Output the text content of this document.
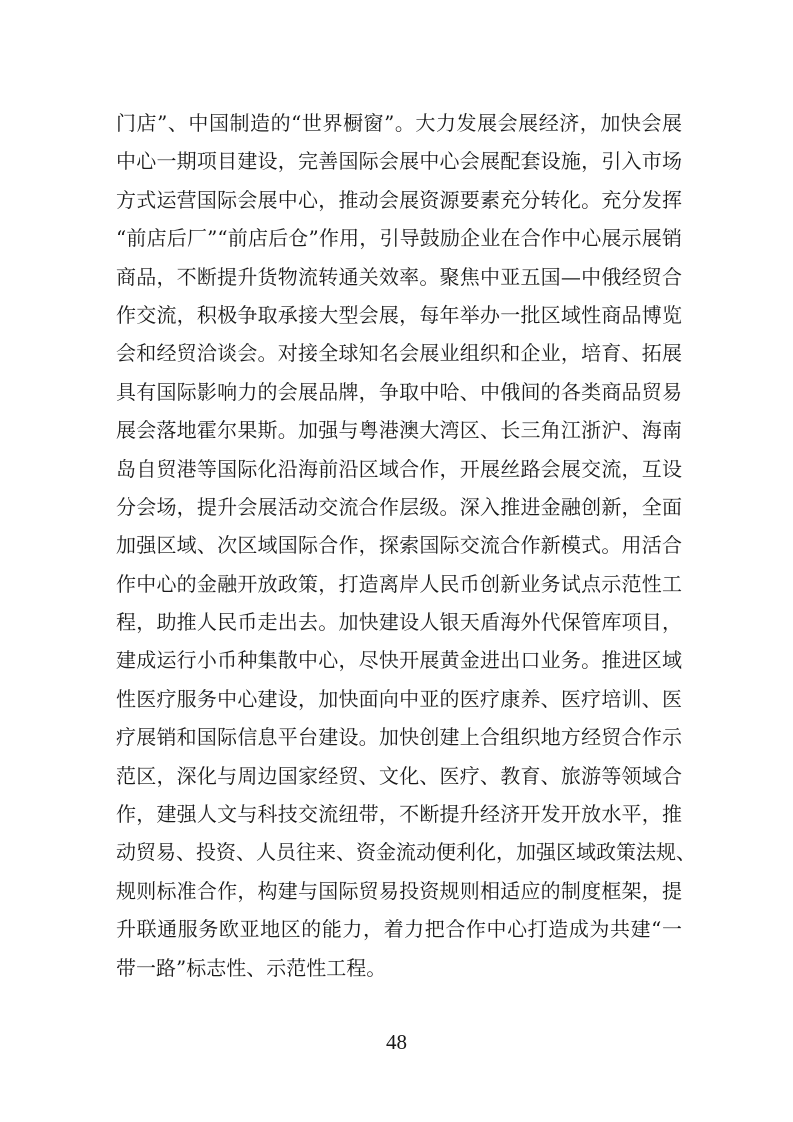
门店”、中国制造的“世界橱窗”。大力发展会展经济，加快会展
中心一期项目建设，完善国际会展中心会展配套设施，引入市场
方式运营国际会展中心，推动会展资源要素充分转化。充分发挥
“前店后厂”“前店后仓”作用，引导鼓励企业在合作中心展示展销
商品，不断提升货物流转通关效率。聚焦中亚五国—中俄经贸合
作交流，积极争取承接大型会展，每年举办一批区域性商品博览
会和经贸洽谈会。对接全球知名会展业组织和企业，培育、拓展
具有国际影响力的会展品牌，争取中哈、中俄间的各类商品贸易
展会落地霍尔果斯。加强与粤港澳大湾区、长三角江浙沪、海南
岛自贸港等国际化沿海前沿区域合作，开展丝路会展交流，互设
分会场，提升会展活动交流合作层级。深入推进金融创新，全面
加强区域、次区域国际合作，探索国际交流合作新模式。用活合
作中心的金融开放政策，打造离岸人民币创新业务试点示范性工
程，助推人民币走出去。加快建设人银天盾海外代保管库项目，
建成运行小币种集散中心，尽快开展黄金进出口业务。推进区域
性医疗服务中心建设，加快面向中亚的医疗康养、医疗培训、医
疗展销和国际信息平台建设。加快创建上合组织地方经贸合作示
范区，深化与周边国家经贸、文化、医疗、教育、旅游等领域合
作，建强人文与科技交流纽带，不断提升经济开发开放水平，推
动贸易、投资、人员往来、资金流动便利化，加强区域政策法规、
规则标准合作，构建与国际贸易投资规则相适应的制度框架，提
升联通服务欧亚地区的能力，着力把合作中心打造成为共建“一
带一路”标志性、示范性工程。
48
